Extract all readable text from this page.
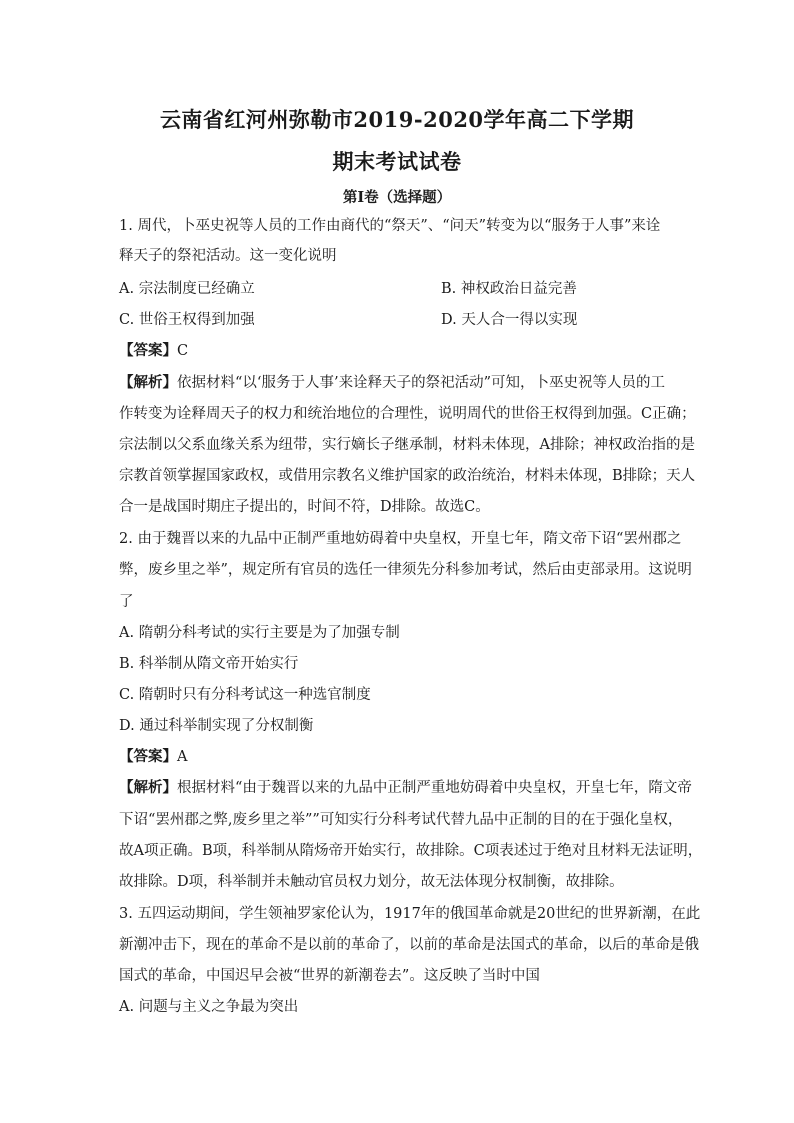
云南省红河州弥勒市2019-2020学年高二下学期
期末考试试卷
第I卷（选择题）
1. 周代，卜巫史祝等人员的工作由商代的“祭天”、“问天”转变为以“服务于人事”来诠
释天子的祭祀活动。这一变化说明
A. 宗法制度已经确立	B. 神权政治日益完善
C. 世俗王权得到加强	D. 天人合一得以实现
【答案】C
【解析】依据材料“以‘服务于人事’来诠释天子的祭祀活动”可知，卜巫史祝等人员的工
作转变为诠释周天子的权力和统治地位的合理性，说明周代的世俗王权得到加强。C正确；
宗法制以父系血缘关系为纽带，实行嫡长子继承制，材料未体现，A排除；神权政治指的是
宗教首领掌握国家政权，或借用宗教名义维护国家的政治统治，材料未体现，B排除；天人
合一是战国时期庄子提出的，时间不符，D排除。故选C。
2. 由于魏晋以来的九品中正制严重地妨碍着中央皇权，开皇七年，隋文帝下诏“罢州郡之
弊，废乡里之举”，规定所有官员的选任一律须先分科参加考试，然后由吏部录用。这说明
了
A. 隋朝分科考试的实行主要是为了加强专制
B. 科举制从隋文帝开始实行
C. 隋朝时只有分科考试这一种选官制度
D. 通过科举制实现了分权制衡
【答案】A
【解析】根据材料“由于魏晋以来的九品中正制严重地妨碍着中央皇权，开皇七年，隋文帝
下诏“罢州郡之弊,废乡里之举””可知实行分科考试代替九品中正制的目的在于强化皇权，
故A项正确。B项，科举制从隋炀帝开始实行，故排除。C项表述过于绝对且材料无法证明，
故排除。D项，科举制并未触动官员权力划分，故无法体现分权制衡，故排除。
3. 五四运动期间，学生领袖罗家伦认为，1917年的俄国革命就是20世纪的世界新潮，在此
新潮冲击下，现在的革命不是以前的革命了，以前的革命是法国式的革命，以后的革命是俄
国式的革命，中国迟早会被“世界的新潮卷去”。这反映了当时中国
A. 问题与主义之争最为突出
